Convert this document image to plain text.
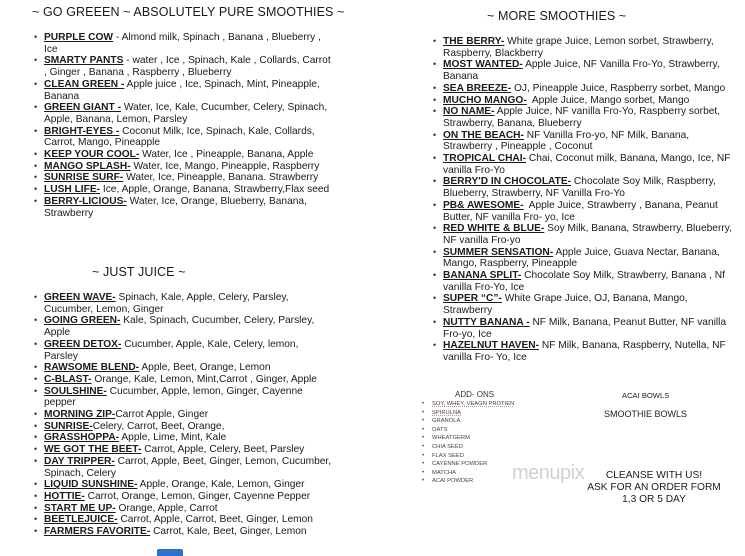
~ GO GREEEN ~ ABSOLUTELY PURE SMOOTHIES ~
• PURPLE COW - Almond milk, Spinach , Banana , Blueberry , Ice
• SMARTY PANTS - water , Ice , Spinach, Kale , Collards, Carrot , Ginger , Banana , Raspberry , Blueberry
• CLEAN GREEN - Apple juice , Ice, Spinach, Mint, Pineapple, Banana
• GREEN GIANT - Water, Ice, Kale, Cucumber, Celery, Spinach, Apple, Banana, Lemon, Parsley
• BRIGHT-EYES - Coconut Milk, Ice, Spinach, Kale, Collards, Carrot, Mango, Pineapple
• KEEP YOUR COOL- Water, Ice , Pineapple, Banana, Apple
• MANGO SPLASH- Water, Ice, Mango, Pineapple, Raspberry
• SUNRISE SURF- Water, Ice, Pineapple, Banana. Strawberry
• LUSH LIFE- Ice, Apple, Orange, Banana, Strawberry,Flax seed
• BERRY-LICIOUS- Water, Ice, Orange, Blueberry, Banana, Strawberry
~ JUST JUICE ~
• GREEN WAVE- Spinach, Kale, Apple, Celery, Parsley, Cucumber, Lemon, Ginger
• GOING GREEN- Kale, Spinach, Cucumber, Celery, Parsley, Apple
• GREEN DETOX- Cucumber, Apple, Kale, Celery, lemon, Parsley
• RAWSOME BLEND- Apple, Beet, Orange, Lemon
• C-BLAST- Orange, Kale, Lemon, Mint,Carrot , Ginger, Apple
• SOULSHINE- Cucumber, Apple, lemon, Ginger, Cayenne pepper
• MORNING ZIP-Carrot Apple, Ginger
• SUNRISE-Celery, Carrot, Beet, Orange,
• GRASSHOPPA- Apple, Lime, Mint, Kale
• WE GOT THE BEET- Carrot, Apple, Celery, Beet, Parsley
• DAY TRIPPER- Carrot, Apple, Beet, Ginger, Lemon, Cucumber, Spinach, Celery
• LIQUID SUNSHINE- Apple, Orange, Kale, Lemon, Ginger
• HOTTIE- Carrot, Orange, Lemon, Ginger, Cayenne Pepper
• START ME UP- Orange, Apple, Carrot
• BEETLEJUICE- Carrot, Apple, Carrot, Beet, Ginger, Lemon
• FARMERS FAVORITE- Carrot, Kale, Beet, Ginger, Lemon
~ MORE SMOOTHIES ~
• THE BERRY- White grape Juice, Lemon sorbet, Strawberry, Raspberry, Blackberry
• MOST WANTED- Apple Juice, NF Vanilla Fro-Yo, Strawberry, Banana
• SEA BREEZE- OJ, Pineapple Juice, Raspberry sorbet, Mango
• MUCHO MANGO- Apple Juice, Mango sorbet, Mango
• NO NAME- Apple Juice, NF vanilla Fro-Yo, Raspberry sorbet, Strawberry, Banana, Blueberry
• ON THE BEACH- NF Vanilla Fro-yo, NF Milk, Banana, Strawberry , Pineapple , Coconut
• TROPICAL CHAI- Chai, Coconut milk, Banana, Mango, Ice, NF vanilla Fro-Yo
• BERRY'D IN CHOCOLATE- Chocolate Soy Milk, Raspberry, Blueberry, Strawberry, NF Vanilla Fro-Yo
• PB& AWESOME- Apple Juice, Strawberry , Banana, Peanut Butter, NF vanilla Fro- yo, Ice
• RED WHITE & BLUE- Soy Milk, Banana, Strawberry, Blueberry, NF vanilla Fro-yo
• SUMMER SENSATION- Apple Juice, Guava Nectar, Banana, Mango, Raspberry, Pineapple
• BANANA SPLIT- Chocolate Soy Milk, Strawberry, Banana , Nf vanilla Fro-Yo, Ice
• SUPER “C”- White Grape Juice, OJ, Banana, Mango, Strawberry
• NUTTY BANANA - NF Milk, Banana, Peanut Butter, NF vanilla Fro-yo, Ice
• HAZELNUT HAVEN- NF Milk, Banana, Raspberry, Nutella, NF vanilla Fro- Yo, Ice
ADD- ONS
• SOY, WHEY, VEAGN PROTIEN
• SPIRULNA
• GRANOLA
• OATS
• WHEATGERM
• CHIA SEED
• FLAX SEED
• CAYENNE POWDER
• MATCHA
• ACAI POWDER
ACAI BOWLS
SMOOTHIE BOWLS
menupix	CLEANSE WITH US!
ASK FOR AN ORDER FORM
1,3 OR 5 DAY
